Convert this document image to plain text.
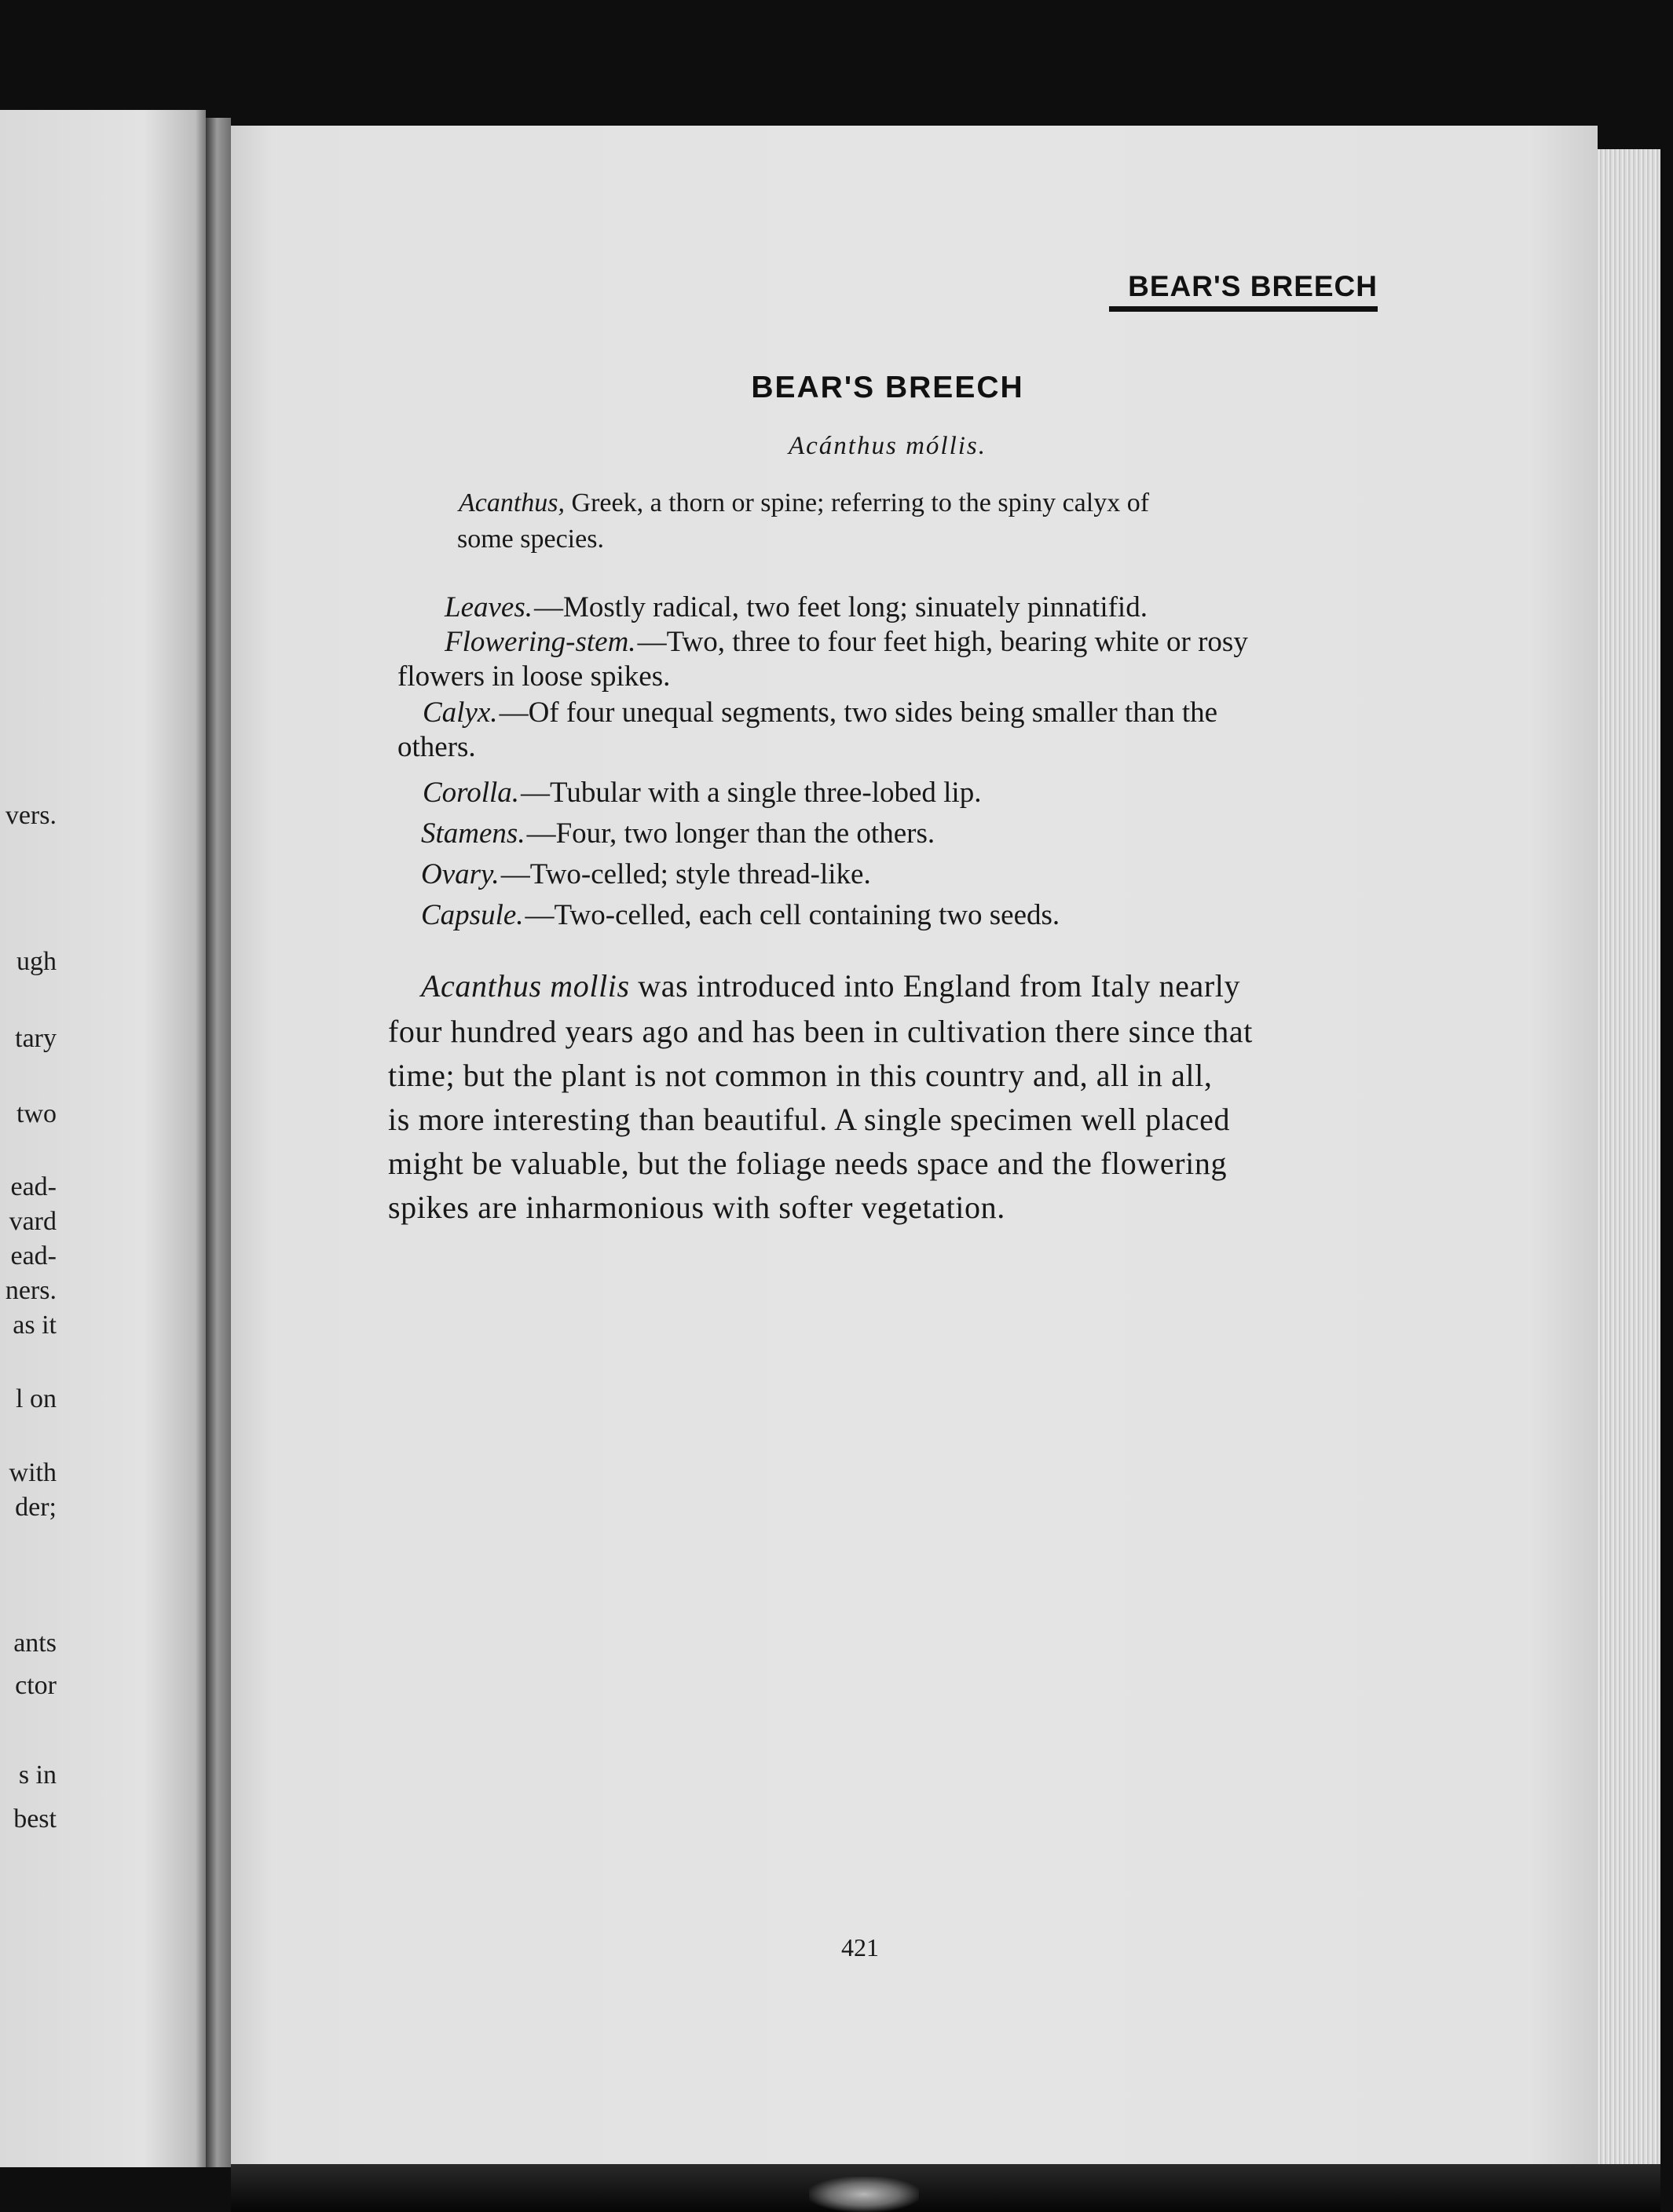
vers.
ugh
tary
two
ead-
vard
ead-
ners.
as it
l on
with
der;
ants
ctor
s in
best
BEAR'S BREECH
BEAR'S BREECH
Acánthus móllis.
Acanthus, Greek, a thorn or spine; referring to the spiny calyx of
some species.
Leaves.—Mostly radical, two feet long; sinuately pinnatifid.
Flowering-stem.—Two, three to four feet high, bearing white or rosy
flowers in loose spikes.
Calyx.—Of four unequal segments, two sides being smaller than the
others.
Corolla.—Tubular with a single three-lobed lip.
Stamens.—Four, two longer than the others.
Ovary.—Two-celled; style thread-like.
Capsule.—Two-celled, each cell containing two seeds.
Acanthus mollis was introduced into England from Italy nearly
four hundred years ago and has been in cultivation there since that
time; but the plant is not common in this country and, all in all,
is more interesting than beautiful. A single specimen well placed
might be valuable, but the foliage needs space and the flowering
spikes are inharmonious with softer vegetation.
421
